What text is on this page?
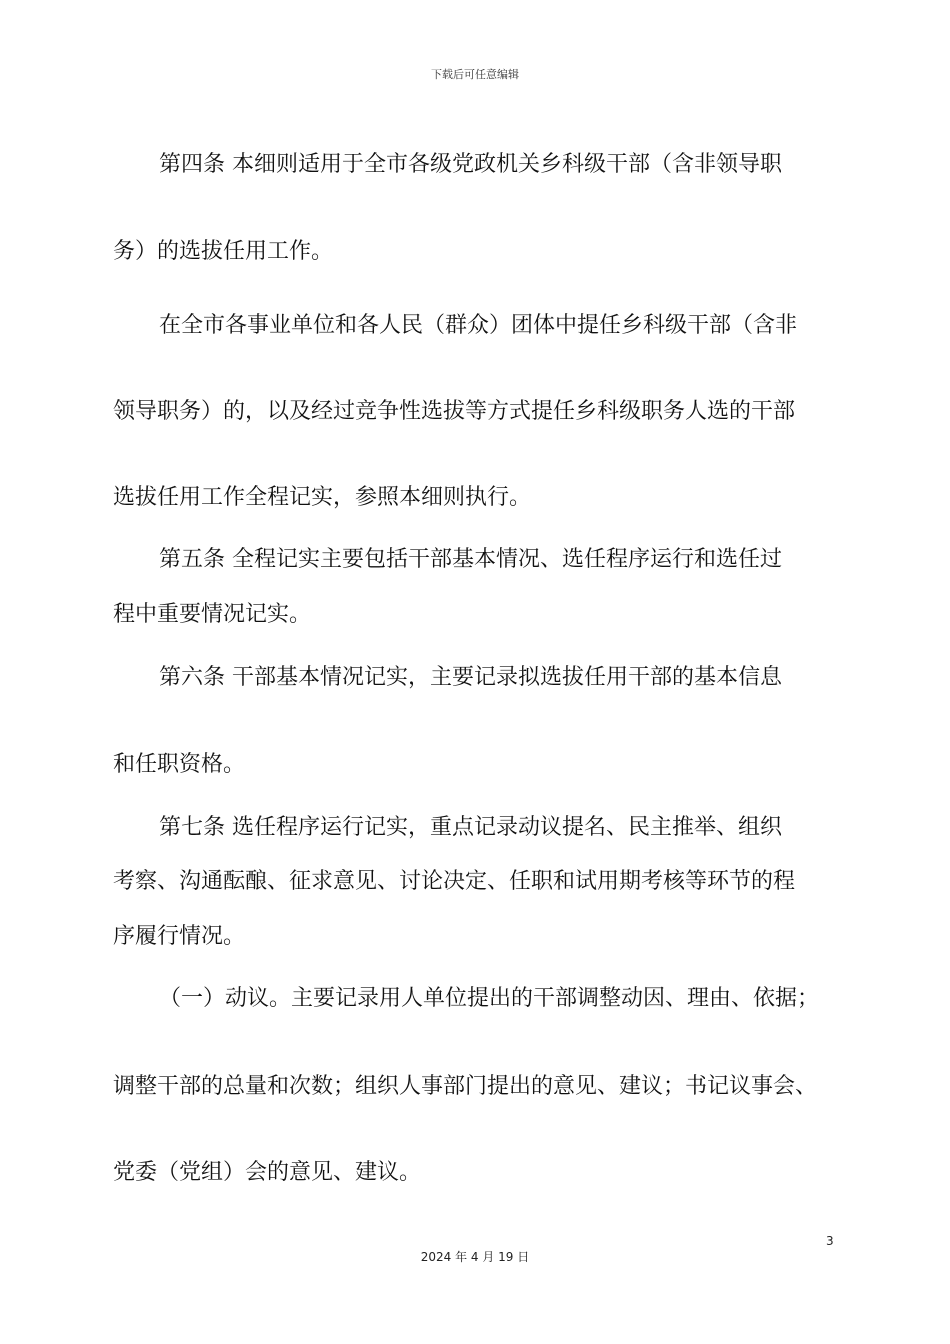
下载后可任意编辑
第四条 本细则适用于全市各级党政机关乡科级干部（含非领导职
务）的选拔任用工作。
在全市各事业单位和各人民（群众）团体中提任乡科级干部（含非
领导职务）的，以及经过竞争性选拔等方式提任乡科级职务人选的干部
选拔任用工作全程记实，参照本细则执行。
第五条 全程记实主要包括干部基本情况、选任程序运行和选任过
程中重要情况记实。
第六条 干部基本情况记实，主要记录拟选拔任用干部的基本信息
和任职资格。
第七条 选任程序运行记实，重点记录动议提名、民主推举、组织
考察、沟通酝酿、征求意见、讨论决定、任职和试用期考核等环节的程
序履行情况。
（一）动议。主要记录用人单位提出的干部调整动因、理由、依据；
调整干部的总量和次数；组织人事部门提出的意见、建议；书记议事会、
党委（党组）会的意见、建议。
3
2024 年 4 月 19 日
